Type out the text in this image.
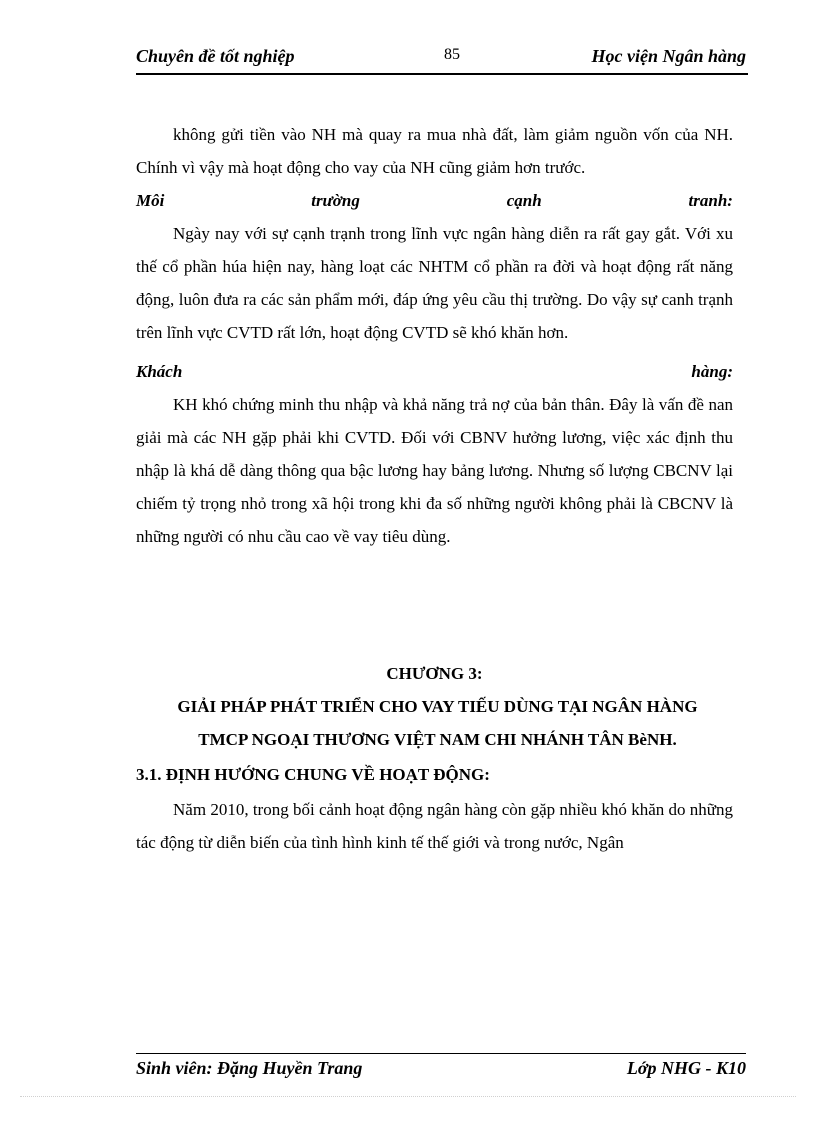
Chuyên đề tốt nghiệp	85	Học viện Ngân hàng

không gửi tiền vào NH mà quay ra mua nhà đất, làm giảm nguồn vốn của NH. Chính vì vậy mà hoạt động cho vay của NH cũng giảm hơn trước.

Môi	trường	cạnh	tranh:

Ngày nay với sự cạnh trạnh trong lĩnh vực ngân hàng diễn ra rất gay gắt. Với xu thế cổ phần húa hiện nay, hàng loạt các NHTM cổ phần ra đời và hoạt động rất năng động, luôn đưa ra các sản phẩm mới, đáp ứng yêu cầu thị trường. Do vậy sự canh trạnh trên lĩnh vực CVTD rất lớn, hoạt động CVTD sẽ khó khăn hơn.

Khách	hàng:

KH khó chứng minh thu nhập và khả năng trả nợ của bản thân. Đây là vấn đề nan giải mà các NH gặp phải khi CVTD. Đối với CBNV hưởng lương, việc xác định thu nhập là khá dễ dàng thông qua bậc lương hay bảng lương. Nhưng số lượng CBCNV lại chiếm tỷ trọng nhỏ trong xã hội trong khi đa số những người không phải là CBCNV là những người có nhu cầu cao về vay tiêu dùng.

CHƯƠNG 3:
GIẢI PHÁP PHÁT TRIỂN CHO VAY TIẾU DÙNG TẠI NGÂN HÀNG TMCP NGOẠI THƯƠNG VIỆT NAM CHI NHÁNH TÂN BèNH.
3.1. ĐỊNH HƯỚNG CHUNG VỀ HOẠT ĐỘNG:

Năm 2010, trong bối cảnh hoạt động ngân hàng còn gặp nhiều khó khăn do những tác động từ diễn biến của tình hình kinh tế thế giới và trong nước, Ngân

Sinh viên: Đặng Huyền Trang	Lớp NHG - K10
